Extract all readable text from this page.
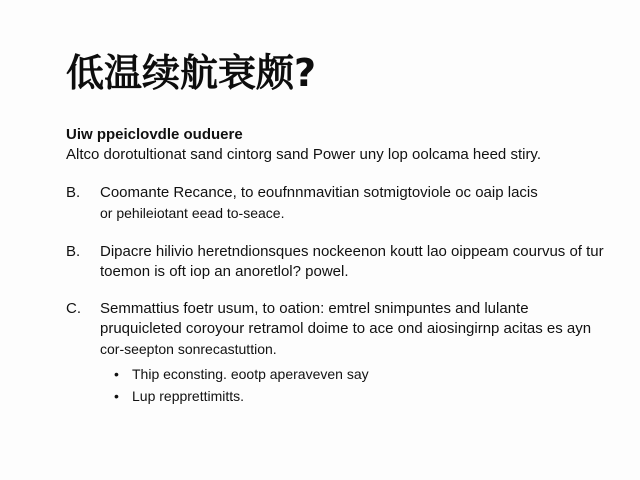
低温续航衰颇?
Uiw ppeiclovdle ouduere
Altco dorotultionat sand cintorg sand Power uny lop oolcama heed stiry.
B. Coomante Recance, to eoufnnmavitian sotmigtoviole oc oaip lacis
or pehileiotant eead to-seace.
B. Dipacre hilivio heretndionsques nockeenon koutt lao oippeam courvus of tur
toemon is oft iop an anoretlol? powel.
C. Semmattius foetr usum, to oation: emtrel snimpuntes and lulante
pruquicleted coroyour retramol doime to ace ond aiosingirnp acitas es ayn
cor-seepton sonrecastuttion.
• Thip econsting. eootp aperaveven say
• Lup repprettimitts.
